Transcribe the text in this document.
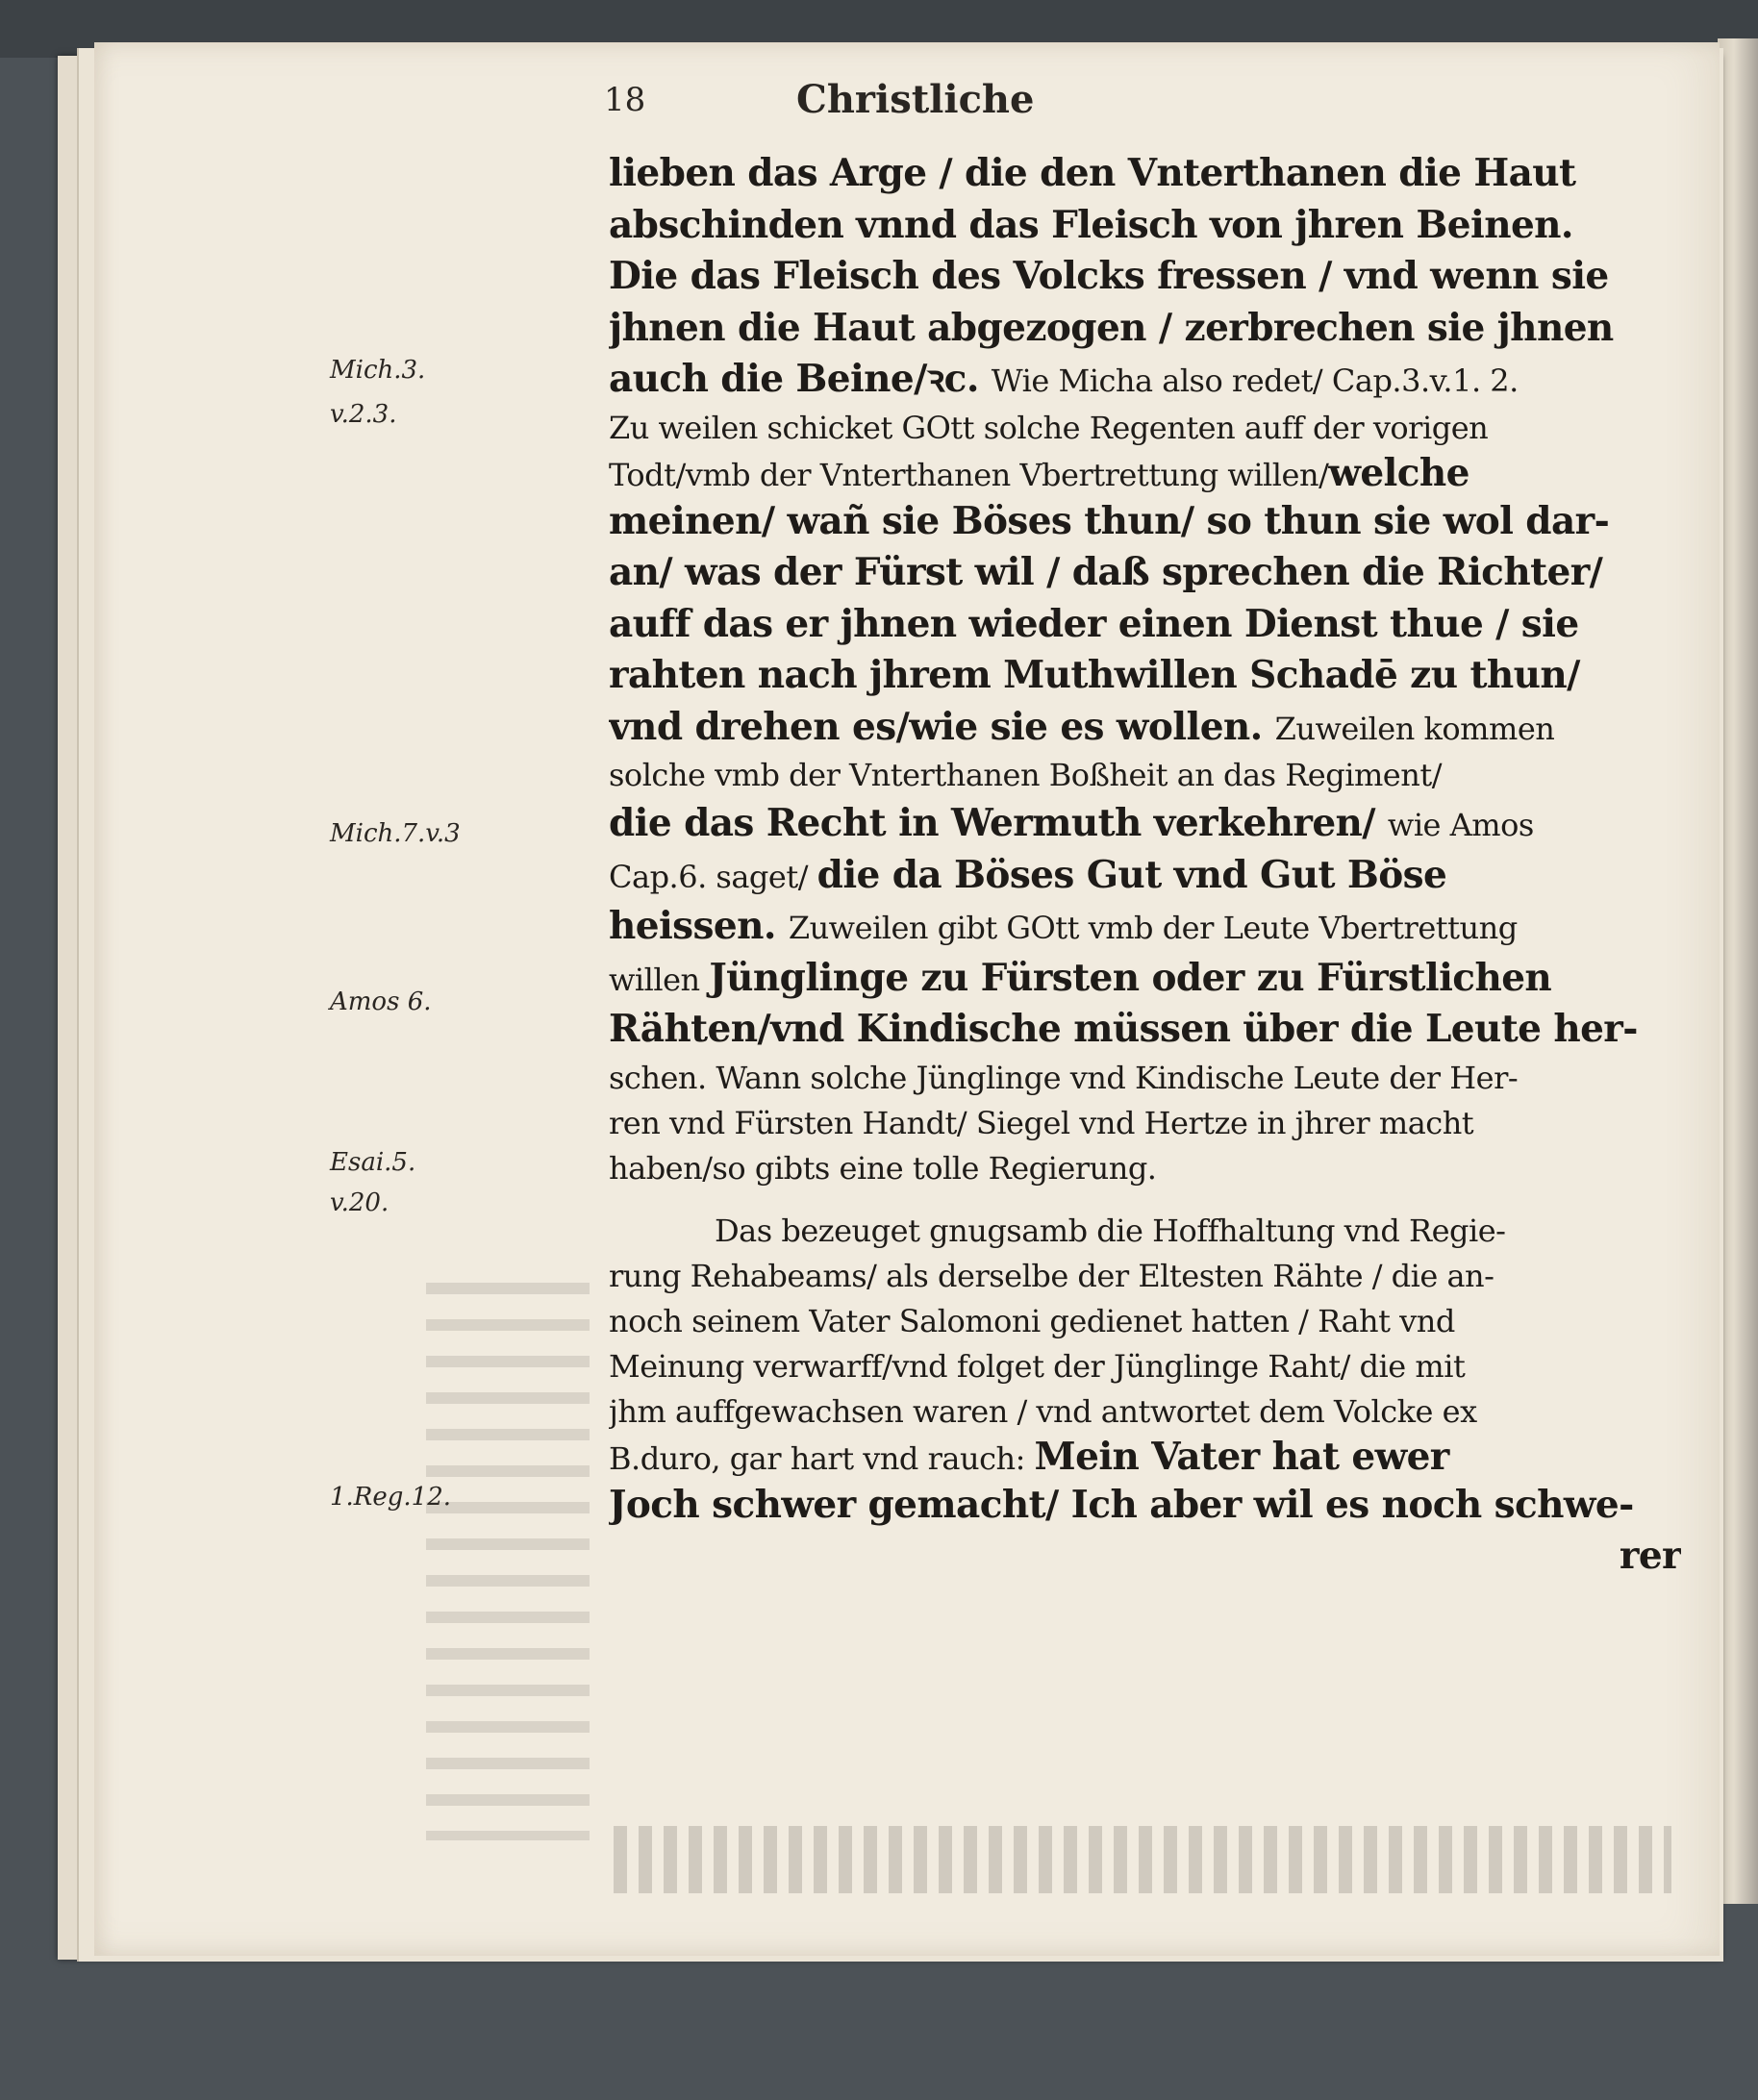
18	Christliche
Mich.3.
v.2.3.
Mich.7.v.3
Amos 6.
Esai.5.
v.20.
1.Reg.12.
lieben das Arge / die den Vnterthanen die Haut
abschinden vnnd das Fleisch von jhren Beinen.
Die das Fleisch des Volcks fressen / vnd wenn sie
jhnen die Haut abgezogen / zerbrechen sie jhnen
auch die Beine/ꝛc. Wie Micha also redet/ Cap.3.v.1. 2.
Zu weilen schicket GOtt solche Regenten auff der vorigen
Todt/vmb der Vnterthanen Vbertrettung willen/welche
meinen/ wañ sie Böses thun/ so thun sie wol dar-
an/ was der Fürst wil / daß sprechen die Richter/
auff das er jhnen wieder einen Dienst thue / sie
rahten nach jhrem Muthwillen Schadē zu thun/
vnd drehen es/wie sie es wollen. Zuweilen kommen
solche vmb der Vnterthanen Boßheit an das Regiment/
die das Recht in Wermuth verkehren/ wie Amos
Cap.6. saget/ die da Böses Gut vnd Gut Böse
heissen. Zuweilen gibt GOtt vmb der Leute Vbertrettung
willen Jünglinge zu Fürsten oder zu Fürstlichen
Rähten/vnd Kindische müssen über die Leute her-
schen. Wann solche Jünglinge vnd Kindische Leute der Her-
ren vnd Fürsten Handt/ Siegel vnd Hertze in jhrer macht
haben/so gibts eine tolle Regierung.
Das bezeuget gnugsamb die Hoffhaltung vnd Regie-
rung Rehabeams/ als derselbe der Eltesten Rähte / die an-
noch seinem Vater Salomoni gedienet hatten / Raht vnd
Meinung verwarff/vnd folget der Jünglinge Raht/ die mit
jhm auffgewachsen waren / vnd antwortet dem Volcke ex
B.duro, gar hart vnd rauch: Mein Vater hat ewer
Joch schwer gemacht/ Ich aber wil es noch schwe-
rer
